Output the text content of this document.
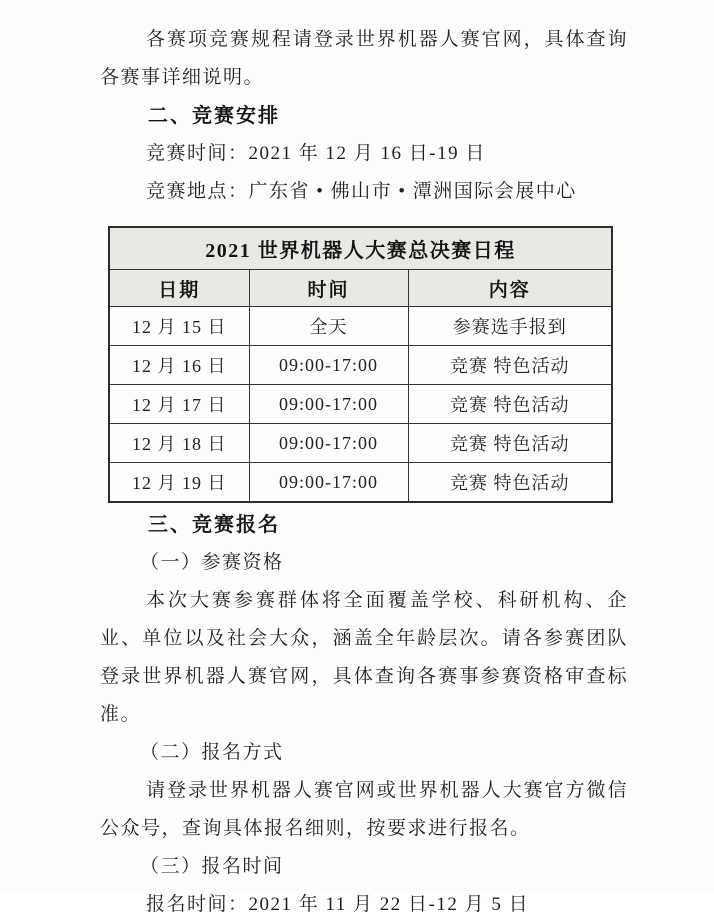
各赛项竞赛规程请登录世界机器人赛官网，具体查询各赛事详细说明。

二、竞赛安排

竞赛时间：2021 年 12 月 16 日-19 日

竞赛地点：广东省 • 佛山市 • 潭洲国际会展中心

2021 世界机器人大赛总决赛日程		
日期	时间	内容
12 月 15 日	全天	参赛选手报到
12 月 16 日	09:00-17:00	竞赛 特色活动
12 月 17 日	09:00-17:00	竞赛 特色活动
12 月 18 日	09:00-17:00	竞赛 特色活动
12 月 19 日	09:00-17:00	竞赛 特色活动
三、竞赛报名

（一）参赛资格

本次大赛参赛群体将全面覆盖学校、科研机构、企业、单位以及社会大众，涵盖全年龄层次。请各参赛团队登录世界机器人赛官网，具体查询各赛事参赛资格审查标准。

（二）报名方式

请登录世界机器人赛官网或世界机器人大赛官方微信公众号，查询具体报名细则，按要求进行报名。

（三）报名时间

报名时间：2021 年 11 月 22 日-12 月 5 日
